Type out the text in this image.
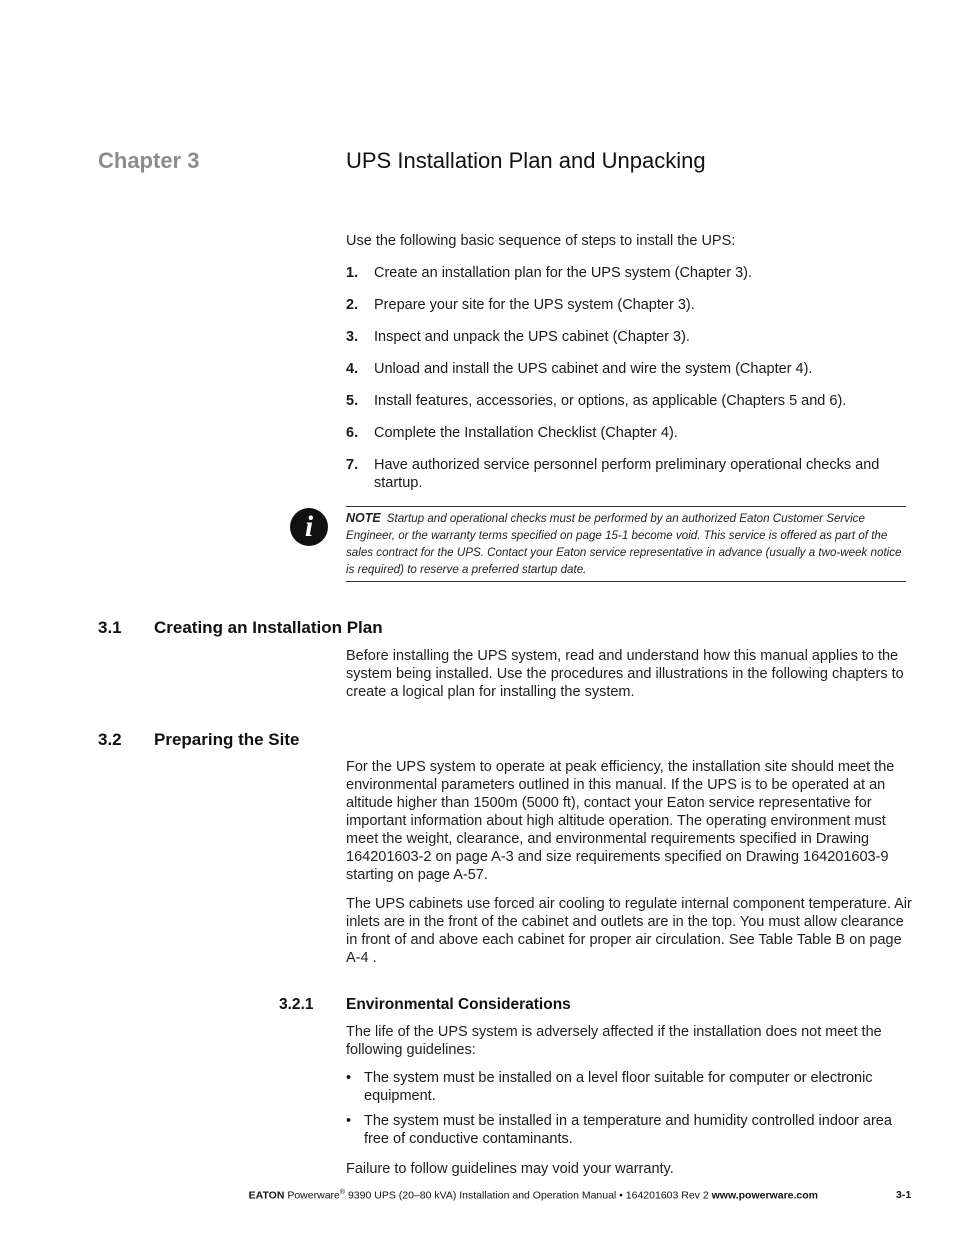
Chapter 3	UPS Installation Plan and Unpacking
Use the following basic sequence of steps to install the UPS:
1. Create an installation plan for the UPS system (Chapter 3).
2. Prepare your site for the UPS system (Chapter 3).
3. Inspect and unpack the UPS cabinet (Chapter 3).
4. Unload and install the UPS cabinet and wire the system (Chapter 4).
5. Install features, accessories, or options, as applicable (Chapters 5 and 6).
6. Complete the Installation Checklist (Chapter 4).
7. Have authorized service personnel perform preliminary operational checks and startup.
i	NOTE Startup and operational checks must be performed by an authorized Eaton Customer Service Engineer, or the warranty terms specified on page 15-1 become void. This service is offered as part of the sales contract for the UPS. Contact your Eaton service representative in advance (usually a two-week notice is required) to reserve a preferred startup date.
3.1 Creating an Installation Plan
Before installing the UPS system, read and understand how this manual applies to the system being installed. Use the procedures and illustrations in the following chapters to create a logical plan for installing the system.
3.2 Preparing the Site
For the UPS system to operate at peak efficiency, the installation site should meet the environmental parameters outlined in this manual. If the UPS is to be operated at an altitude higher than 1500m (5000 ft), contact your Eaton service representative for important information about high altitude operation. The operating environment must meet the weight, clearance, and environmental requirements specified in Drawing 164201603-2 on page A-3 and size requirements specified on Drawing 164201603-9 starting on page A-57.
The UPS cabinets use forced air cooling to regulate internal component temperature. Air inlets are in the front of the cabinet and outlets are in the top. You must allow clearance in front of and above each cabinet for proper air circulation. See Table Table B on page A-4 .
3.2.1 Environmental Considerations
The life of the UPS system is adversely affected if the installation does not meet the following guidelines:
• The system must be installed on a level floor suitable for computer or electronic equipment.
• The system must be installed in a temperature and humidity controlled indoor area free of conductive contaminants.
Failure to follow guidelines may void your warranty.
EATON Powerware® 9390 UPS (20–80 kVA) Installation and Operation Manual • 164201603 Rev 2 www.powerware.com	3-1
